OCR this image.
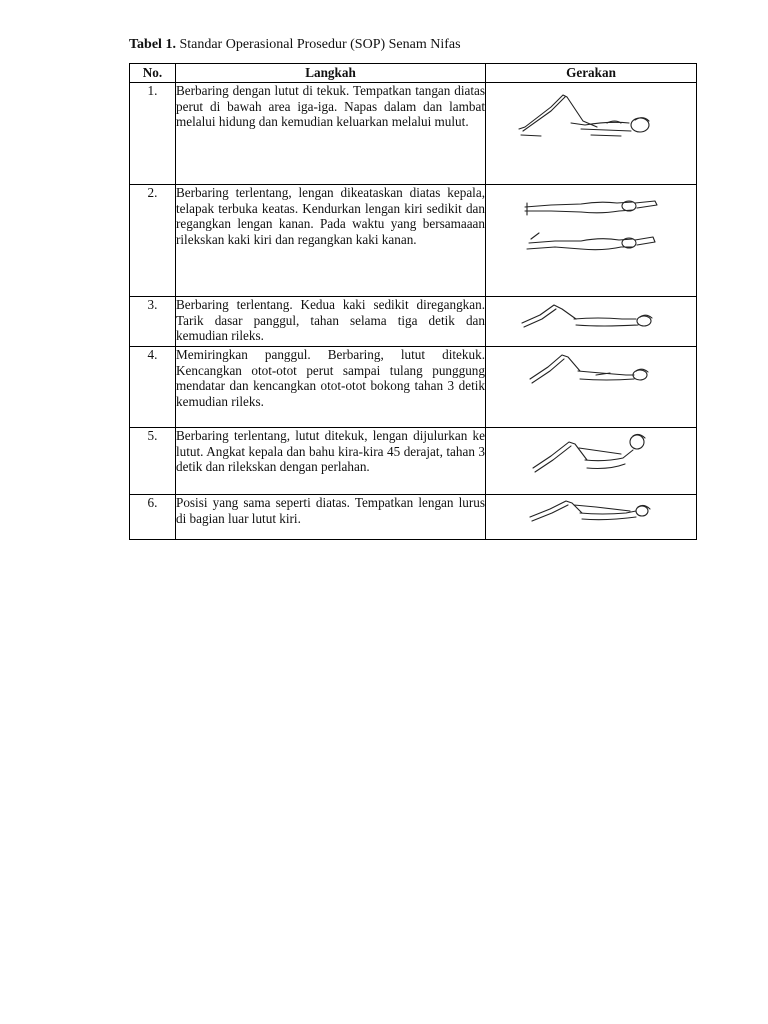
Tabel 1. Standar Operasional Prosedur (SOP) Senam Nifas
No.	Langkah	Gerakan
1.	Berbaring dengan lutut di tekuk. Tempatkan tangan diatas perut di bawah area iga-iga. Napas dalam dan lambat melalui hidung dan kemudian keluarkan melalui mulut.	

2.	Berbaring terlentang, lengan dikeataskan diatas kepala, telapak terbuka keatas. Kendurkan lengan kiri sedikit dan regangkan lengan kanan. Pada waktu yang bersamaaan rilekskan kaki kiri dan regangkan kaki kanan.	

3.	Berbaring terlentang. Kedua kaki sedikit diregangkan. Tarik dasar panggul, tahan selama tiga detik dan kemudian rileks.	

4.	Memiringkan panggul. Berbaring, lutut ditekuk. Kencangkan otot-otot perut sampai tulang punggung mendatar dan kencangkan otot-otot bokong tahan 3 detik kemudian rileks.	

5.	Berbaring terlentang, lutut ditekuk, lengan dijulurkan ke lutut. Angkat kepala dan bahu kira-kira 45 derajat, tahan 3 detik dan rilekskan dengan perlahan.	

6.	Posisi yang sama seperti diatas. Tempatkan lengan lurus di bagian luar lutut kiri.	
